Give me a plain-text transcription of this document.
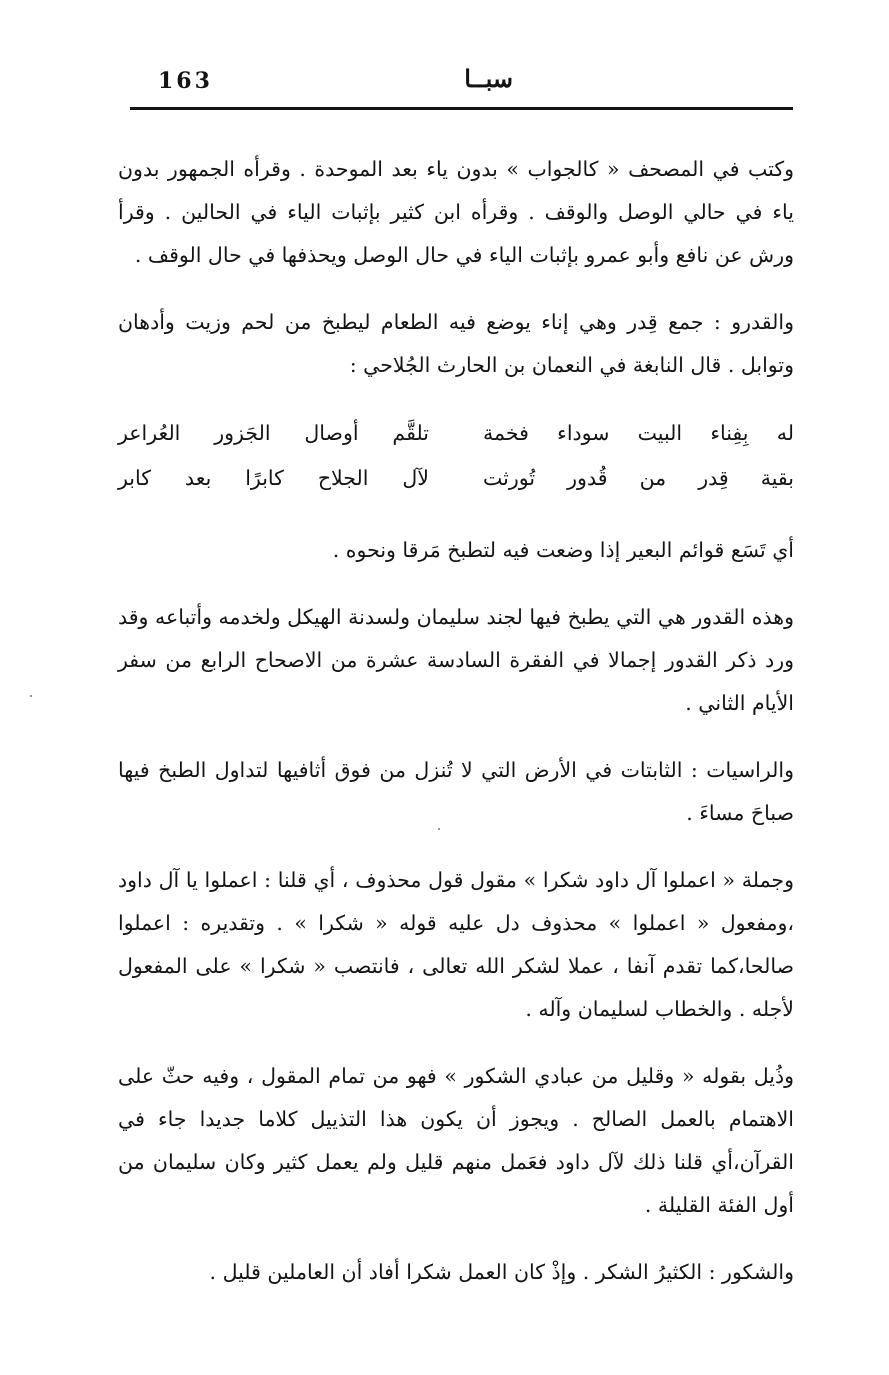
163	سبــا

وكتب في المصحف « كالجواب » بدون ياء بعد الموحدة . وقرأه الجمهور بدون ياء في حالي الوصل والوقف . وقرأه ابن كثير بإثبات الياء في الحالين . وقرأ ورش عن نافع وأبو عمرو بإثبات الياء في حال الوصل ويحذفها في حال الوقف .

والقدرو : جمع قِدر وهي إناء يوضع فيه الطعام ليطبخ من لحم وزيت وأدهان وتوابل . قال النابغة في النعمان بن الحارث الجُلاحي :

له بِفِناء البيت سوداء فخمة
تلقَّم أوصال الجَزور العُراعر
بقية قِدر من قُدور تُورثت
لآل الجلاح كابرًا بعد كابر

أي تَسَع قوائم البعير إذا وضعت فيه لتطبخ مَرقا ونحوه .

وهذه القدور هي التي يطبخ فيها لجند سليمان ولسدنة الهيكل ولخدمه وأتباعه وقد ورد ذكر القدور إجمالا في الفقرة السادسة عشرة من الاصحاح الرابع من سفر الأيام الثاني .

والراسيات : الثابتات في الأرض التي لا تُنزل من فوق أثافيها لتداول الطبخ فيها صباحَ مساءَ .

وجملة « اعملوا آل داود شكرا » مقول قول محذوف ، أي قلنا : اعملوا يا آل داود ،ومفعول « اعملوا » محذوف دل عليه قوله « شكرا » . وتقديره : اعملوا صالحا،كما تقدم آنفا ، عملا لشكر الله تعالى ، فانتصب « شكرا » على المفعول لأجله . والخطاب لسليمان وآله .

وذُيل بقوله « وقليل من عبادي الشكور » فهو من تمام المقول ، وفيه حثّ على الاهتمام بالعمل الصالح . ويجوز أن يكون هذا التذييل كلاما جديدا جاء في القرآن،أي قلنا ذلك لآل داود فعَمل منهم قليل ولم يعمل كثير وكان سليمان من أول الفئة القليلة .

والشكور : الكثيرُ الشكر . وإذْ كان العمل شكرا أفاد أن العاملين قليل .
